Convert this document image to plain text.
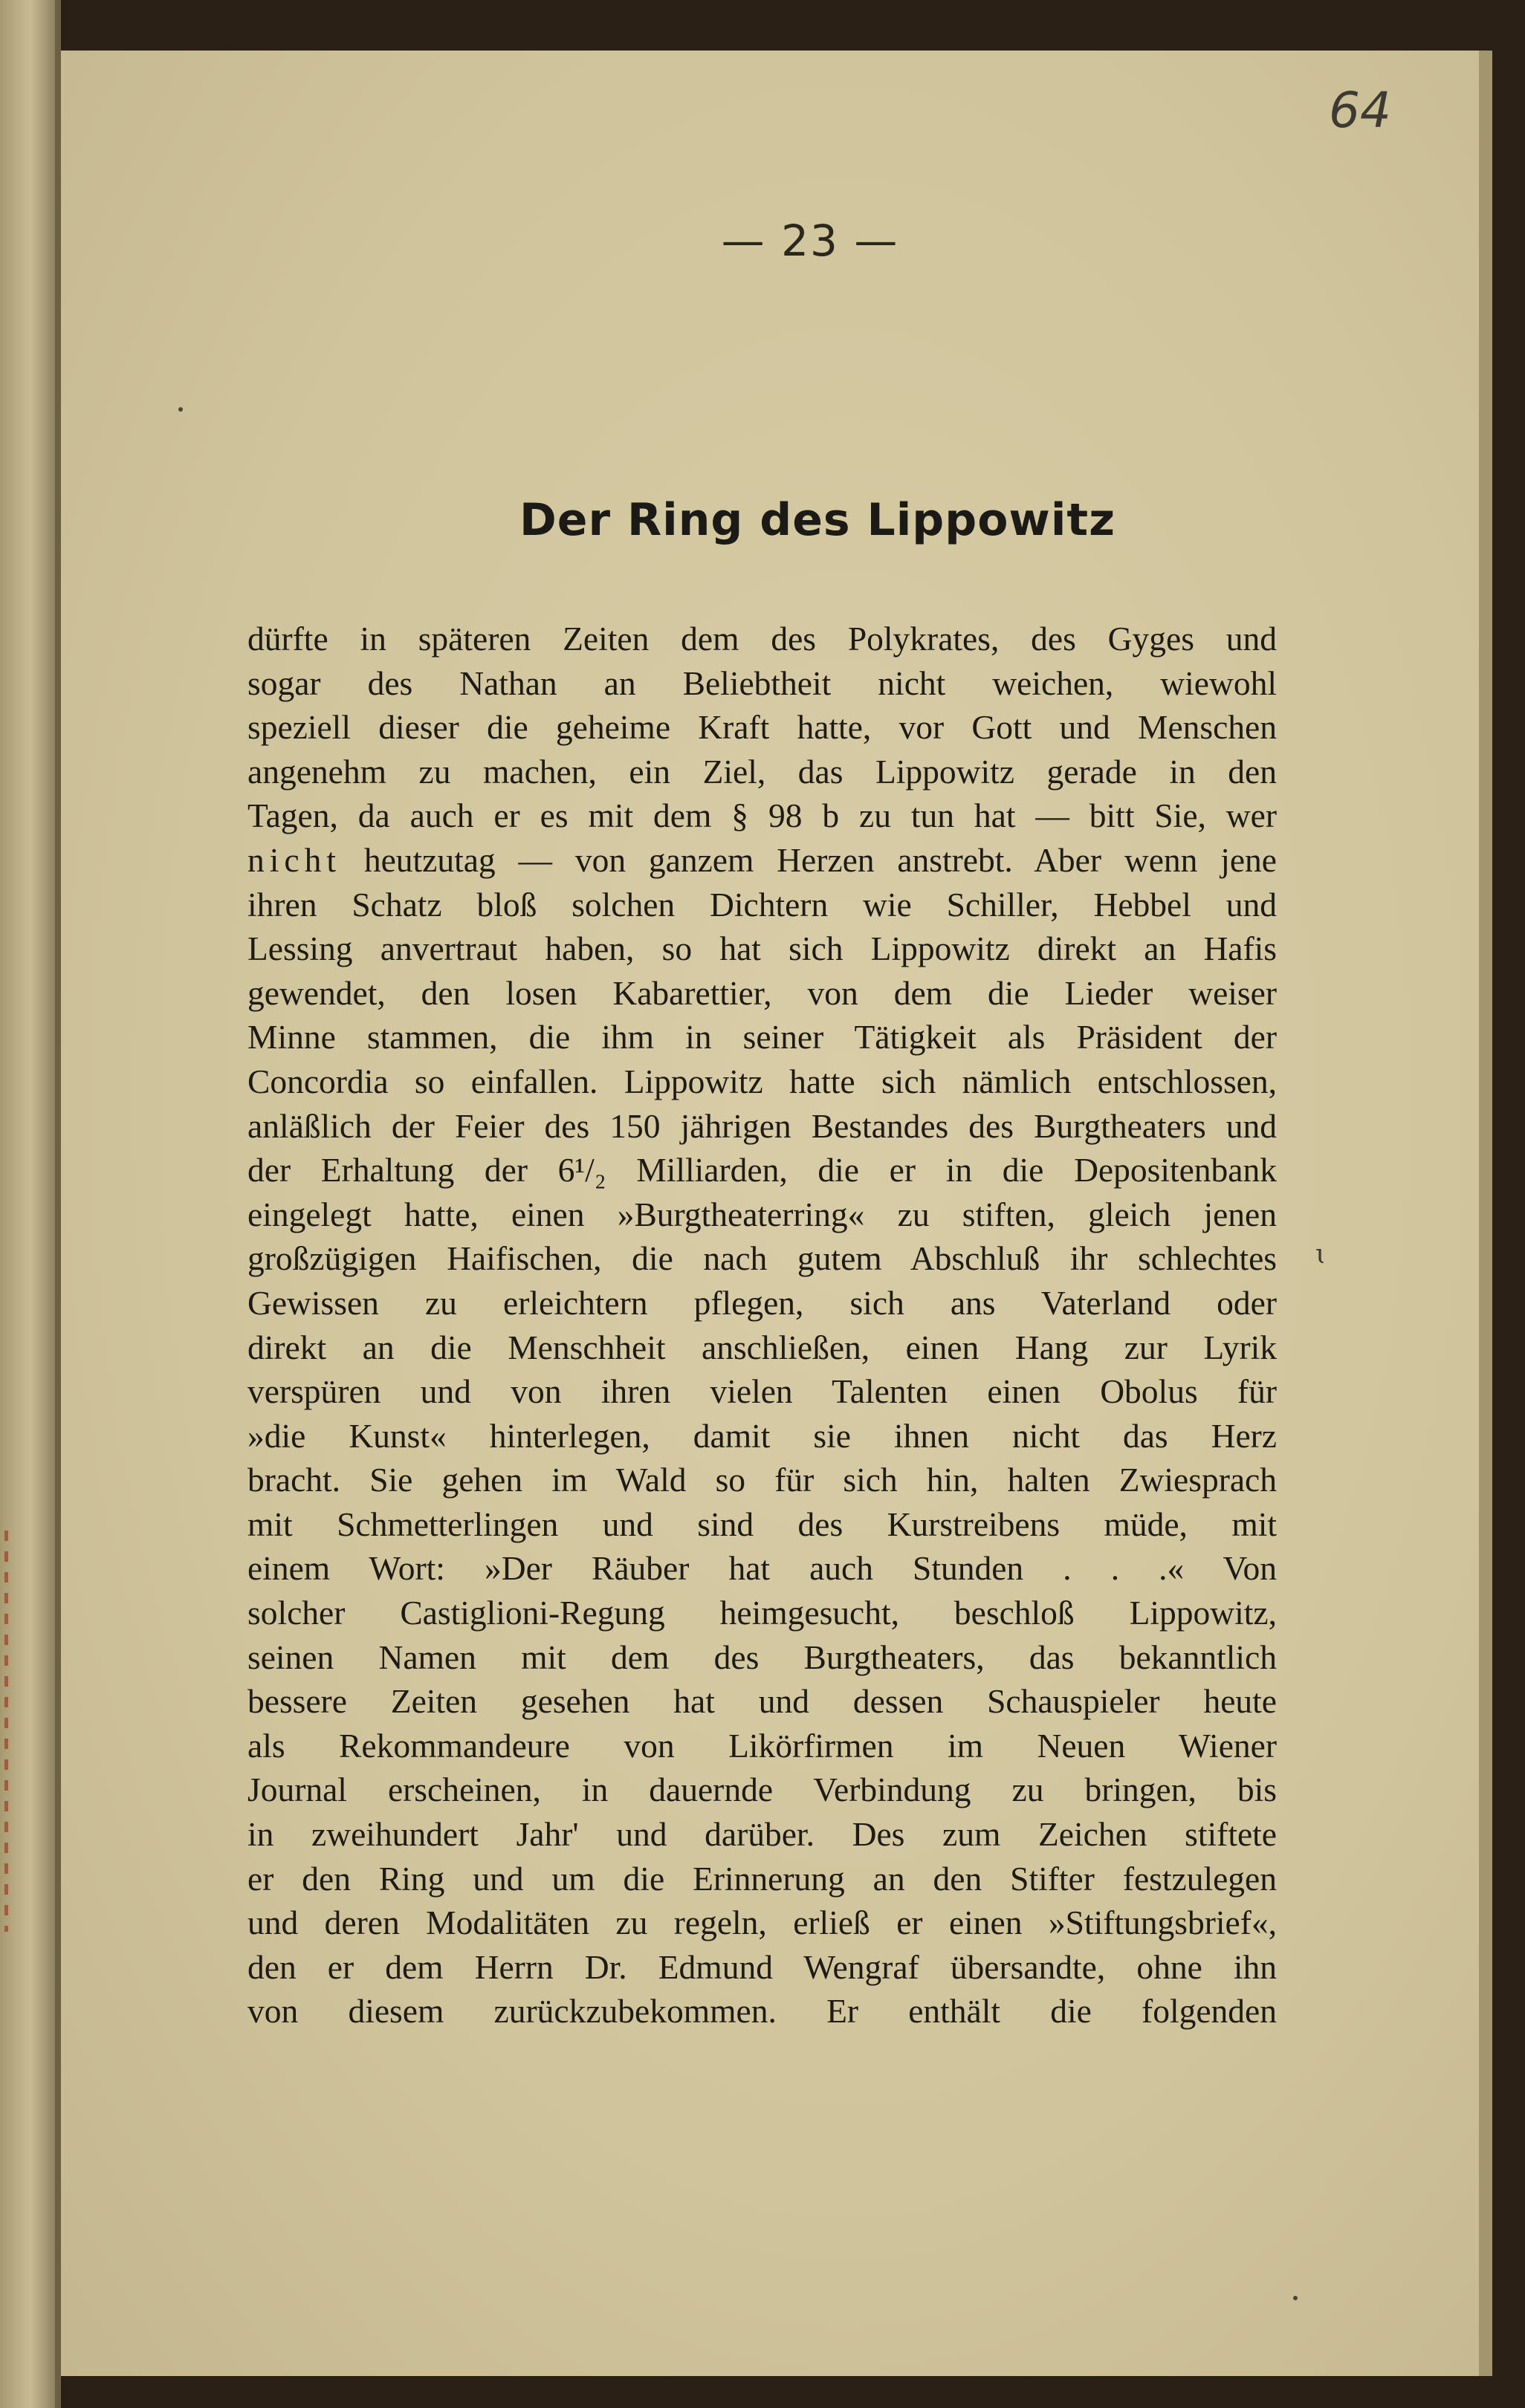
64
— 23 —
Der Ring des Lippowitz
dürfte in späteren Zeiten dem des Polykrates, des Gyges und
sogar des Nathan an Beliebtheit nicht weichen, wiewohl
speziell dieser die geheime Kraft hatte, vor Gott und Menschen
angenehm zu machen, ein Ziel, das Lippowitz gerade in den
Tagen, da auch er es mit dem § 98 b zu tun hat — bitt Sie, wer
nicht heutzutag — von ganzem Herzen anstrebt. Aber wenn jene
ihren Schatz bloß solchen Dichtern wie Schiller, Hebbel und
Lessing anvertraut haben, so hat sich Lippowitz direkt an Hafis
gewendet, den losen Kabarettier, von dem die Lieder weiser
Minne stammen, die ihm in seiner Tätigkeit als Präsident der
Concordia so einfallen. Lippowitz hatte sich nämlich entschlossen,
anläßlich der Feier des 150 jährigen Bestandes des Burgtheaters und
der Erhaltung der 6¹/₂ Milliarden, die er in die Depositenbank
eingelegt hatte, einen »Burgtheaterring« zu stiften, gleich jenen
großzügigen Haifischen, die nach gutem Abschluß ihr schlechtes
Gewissen zu erleichtern pflegen, sich ans Vaterland oder
direkt an die Menschheit anschließen, einen Hang zur Lyrik
verspüren und von ihren vielen Talenten einen Obolus für
»die Kunst« hinterlegen, damit sie ihnen nicht das Herz
bracht. Sie gehen im Wald so für sich hin, halten Zwiesprach
mit Schmetterlingen und sind des Kurstreibens müde, mit
einem Wort: »Der Räuber hat auch Stunden . . .« Von
solcher Castiglioni-Regung heimgesucht, beschloß Lippowitz,
seinen Namen mit dem des Burgtheaters, das bekanntlich
bessere Zeiten gesehen hat und dessen Schauspieler heute
als Rekommandeure von Likörfirmen im Neuen Wiener
Journal erscheinen, in dauernde Verbindung zu bringen, bis
in zweihundert Jahr' und darüber. Des zum Zeichen stiftete
er den Ring und um die Erinnerung an den Stifter festzulegen
und deren Modalitäten zu regeln, erließ er einen »Stiftungsbrief«,
den er dem Herrn Dr. Edmund Wengraf übersandte, ohne ihn
von diesem zurückzubekommen. Er enthält die folgenden
ɩ
